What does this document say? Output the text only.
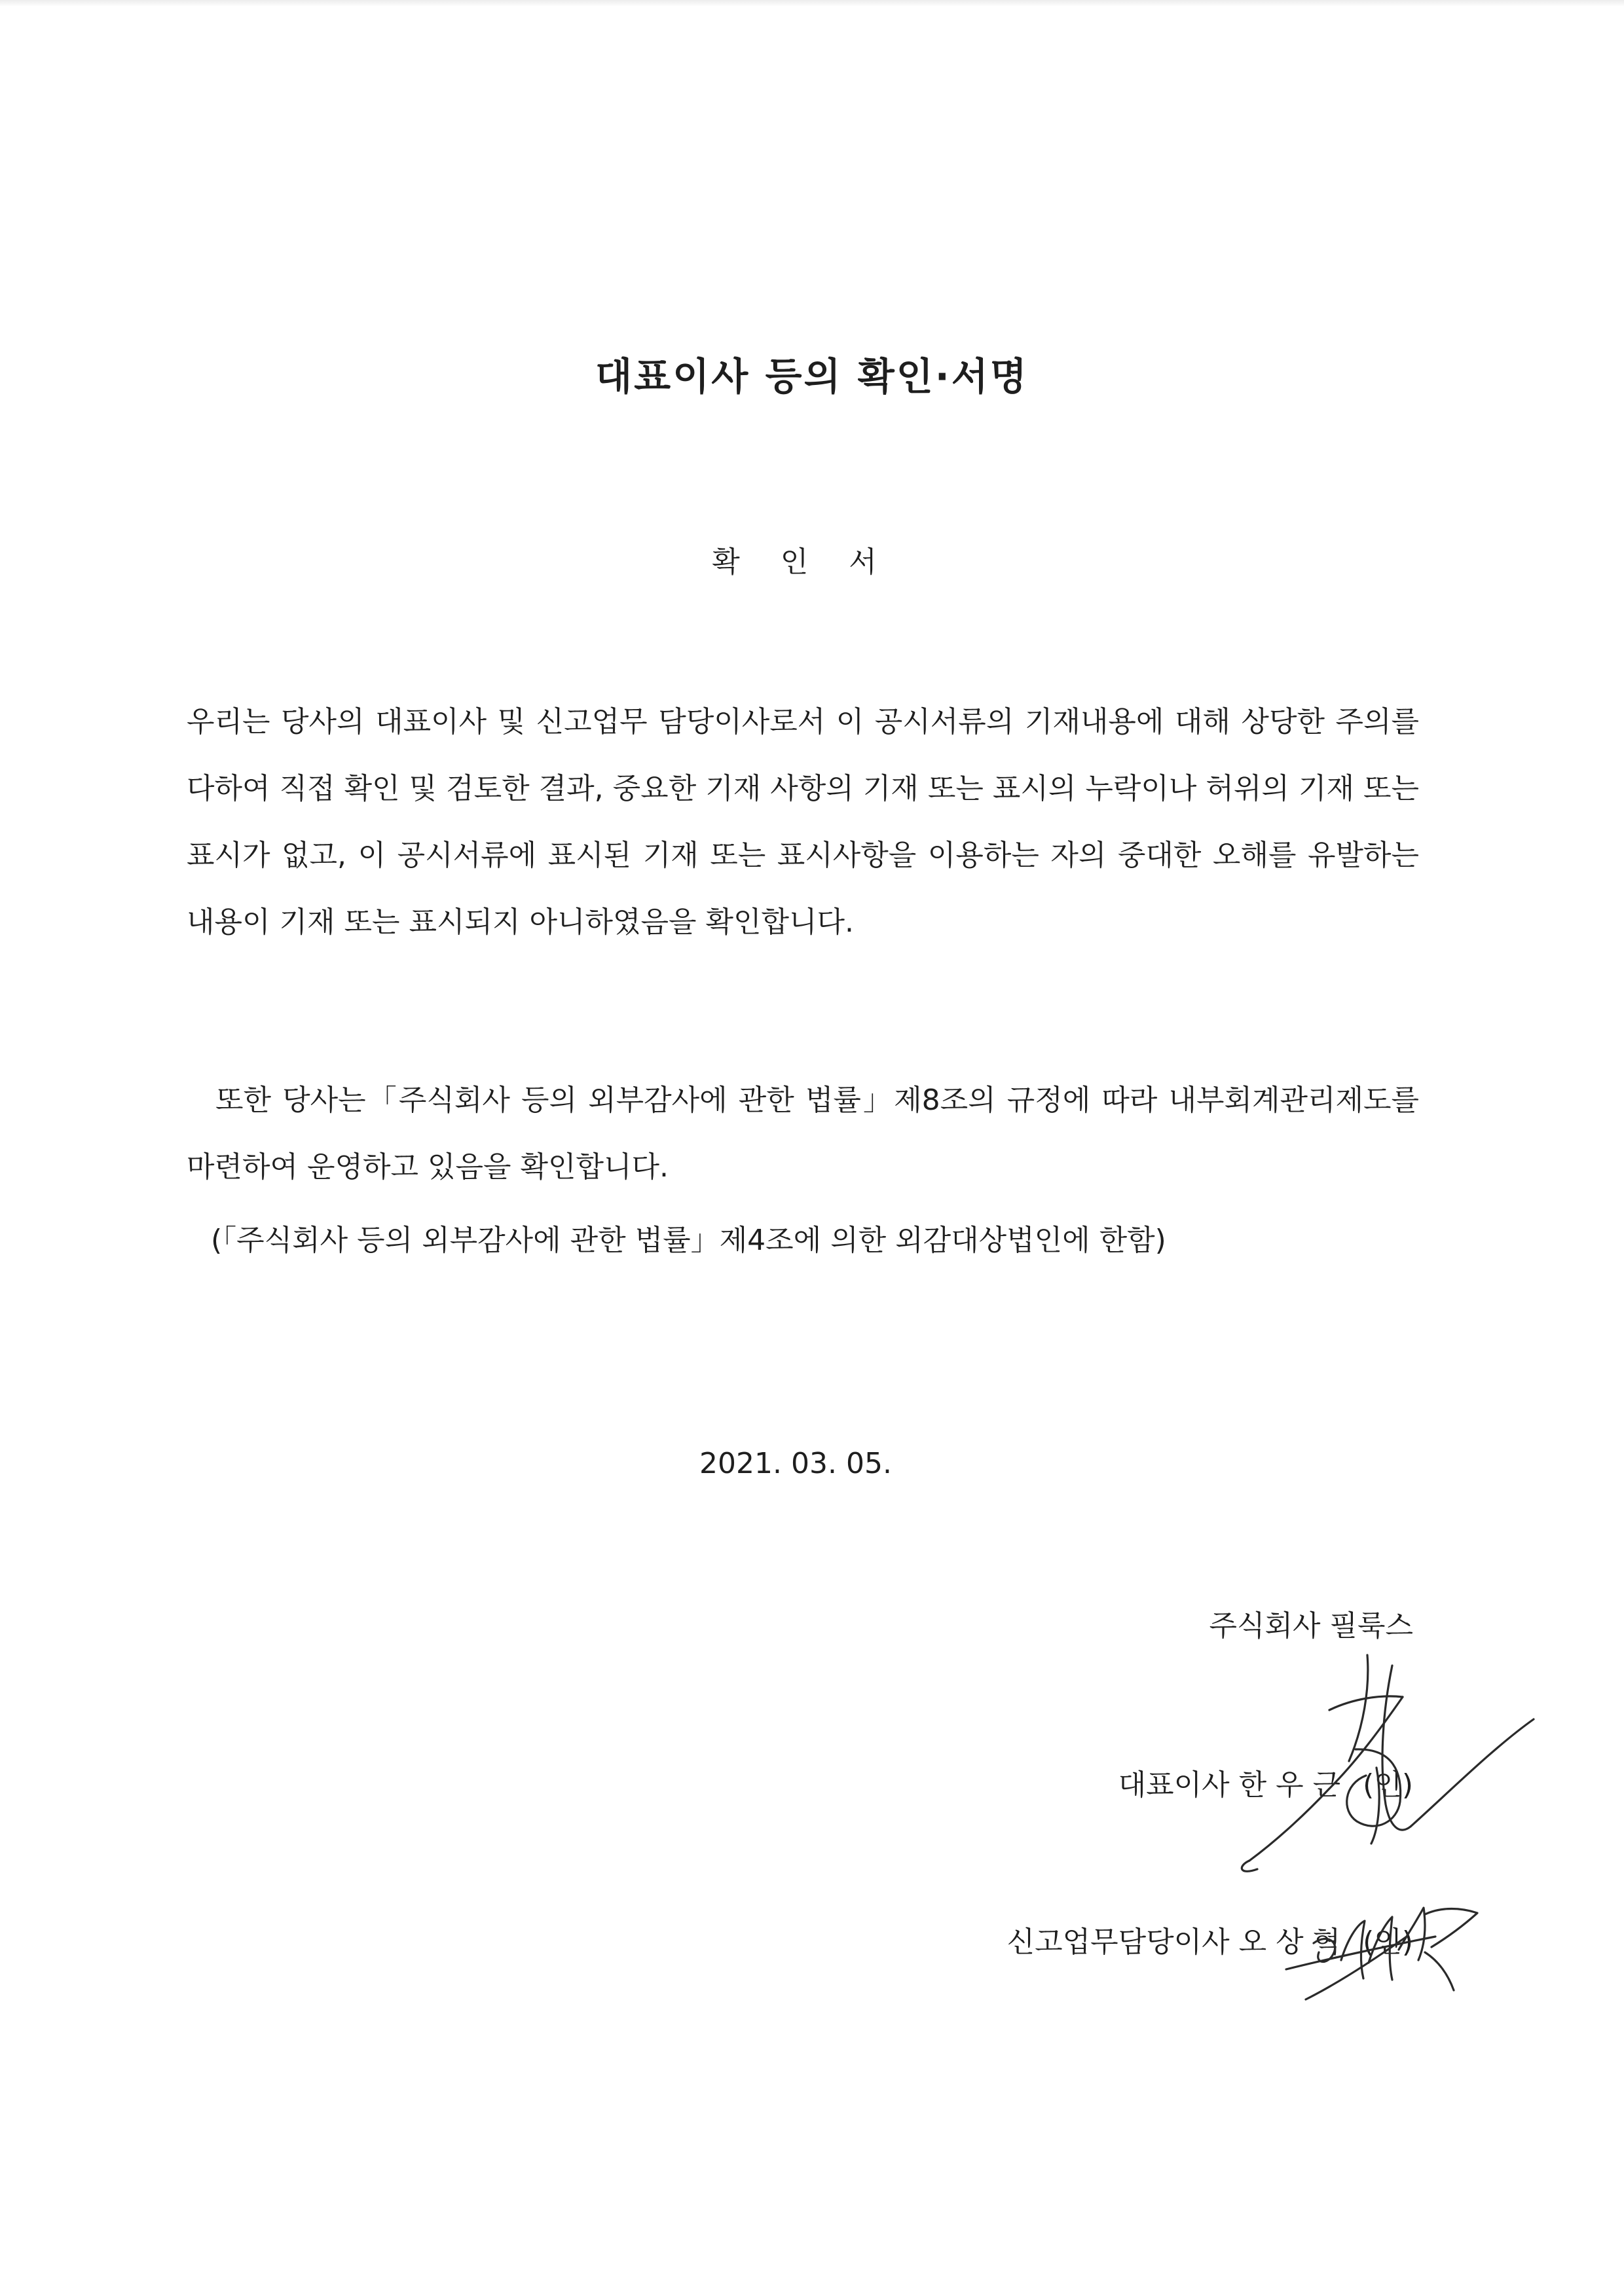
대표이사 등의 확인·서명
확 인 서

우리는 당사의 대표이사 및 신고업무 담당이사로서 이 공시서류의 기재내용에 대해 상당한 주의를 다하여 직접 확인 및 검토한 결과, 중요한 기재 사항의 기재 또는 표시의 누락이나 허위의 기재 또는 표시가 없고, 이 공시서류에 표시된 기재 또는 표시사항을 이용하는 자의 중대한 오해를 유발하는 내용이 기재 또는 표시되지 아니하였음을 확인합니다.

또한 당사는「주식회사 등의 외부감사에 관한 법률」제8조의 규정에 따라 내부회계관리제도를 마련하여 운영하고 있음을 확인합니다.

(「주식회사 등의 외부감사에 관한 법률」제4조에 의한 외감대상법인에 한함)
2021. 03. 05.
주식회사 필룩스
대표이사 한 우 근 (인)
신고업무담당이사 오 상 혁 (인)
